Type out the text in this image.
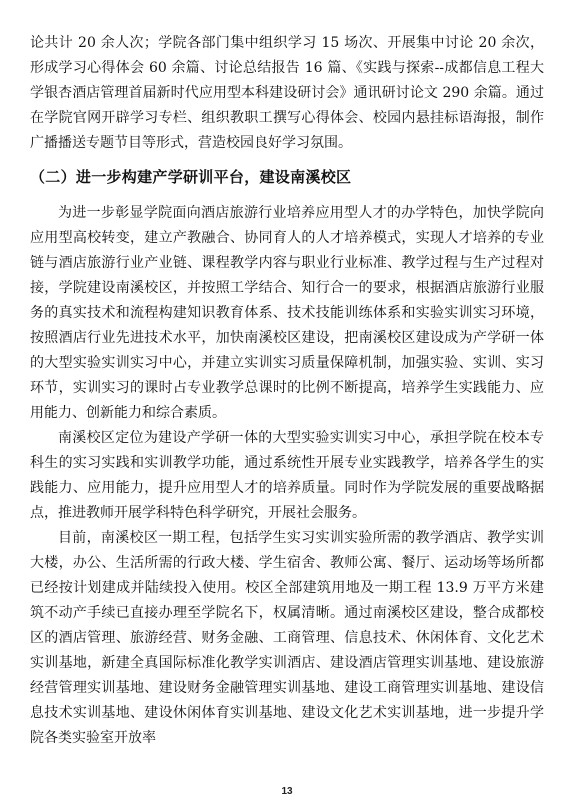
论共计 20 余人次；学院各部门集中组织学习 15 场次、开展集中讨论 20 余次，形成学习心得体会 60 余篇、讨论总结报告 16 篇、《实践与探索--成都信息工程大学银杏酒店管理首届新时代应用型本科建设研讨会》通讯研讨论文 290 余篇。通过在学院官网开辟学习专栏、组织教职工撰写心得体会、校园内悬挂标语海报，制作广播播送专题节目等形式，营造校园良好学习氛围。

（二）进一步构建产学研训平台，建设南溪校区

为进一步彰显学院面向酒店旅游行业培养应用型人才的办学特色，加快学院向应用型高校转变，建立产教融合、协同育人的人才培养模式，实现人才培养的专业链与酒店旅游行业产业链、课程教学内容与职业行业标准、教学过程与生产过程对接，学院建设南溪校区，并按照工学结合、知行合一的要求，根据酒店旅游行业服务的真实技术和流程构建知识教育体系、技术技能训练体系和实验实训实习环境，按照酒店行业先进技术水平，加快南溪校区建设，把南溪校区建设成为产学研一体的大型实验实训实习中心，并建立实训实习质量保障机制，加强实验、实训、实习环节，实训实习的课时占专业教学总课时的比例不断提高，培养学生实践能力、应用能力、创新能力和综合素质。

南溪校区定位为建设产学研一体的大型实验实训实习中心，承担学院在校本专科生的实习实践和实训教学功能，通过系统性开展专业实践教学，培养各学生的实践能力、应用能力，提升应用型人才的培养质量。同时作为学院发展的重要战略据点，推进教师开展学科特色科学研究，开展社会服务。

目前，南溪校区一期工程，包括学生实习实训实验所需的教学酒店、教学实训大楼，办公、生活所需的行政大楼、学生宿舍、教师公寓、餐厅、运动场等场所都已经按计划建成并陆续投入使用。校区全部建筑用地及一期工程 13.9 万平方米建筑不动产手续已直接办理至学院名下，权属清晰。通过南溪校区建设，整合成都校区的酒店管理、旅游经营、财务金融、工商管理、信息技术、休闲体育、文化艺术实训基地，新建全真国际标准化教学实训酒店、建设酒店管理实训基地、建设旅游经营管理实训基地、建设财务金融管理实训基地、建设工商管理实训基地、建设信息技术实训基地、建设休闲体育实训基地、建设文化艺术实训基地，进一步提升学院各类实验室开放率

13
